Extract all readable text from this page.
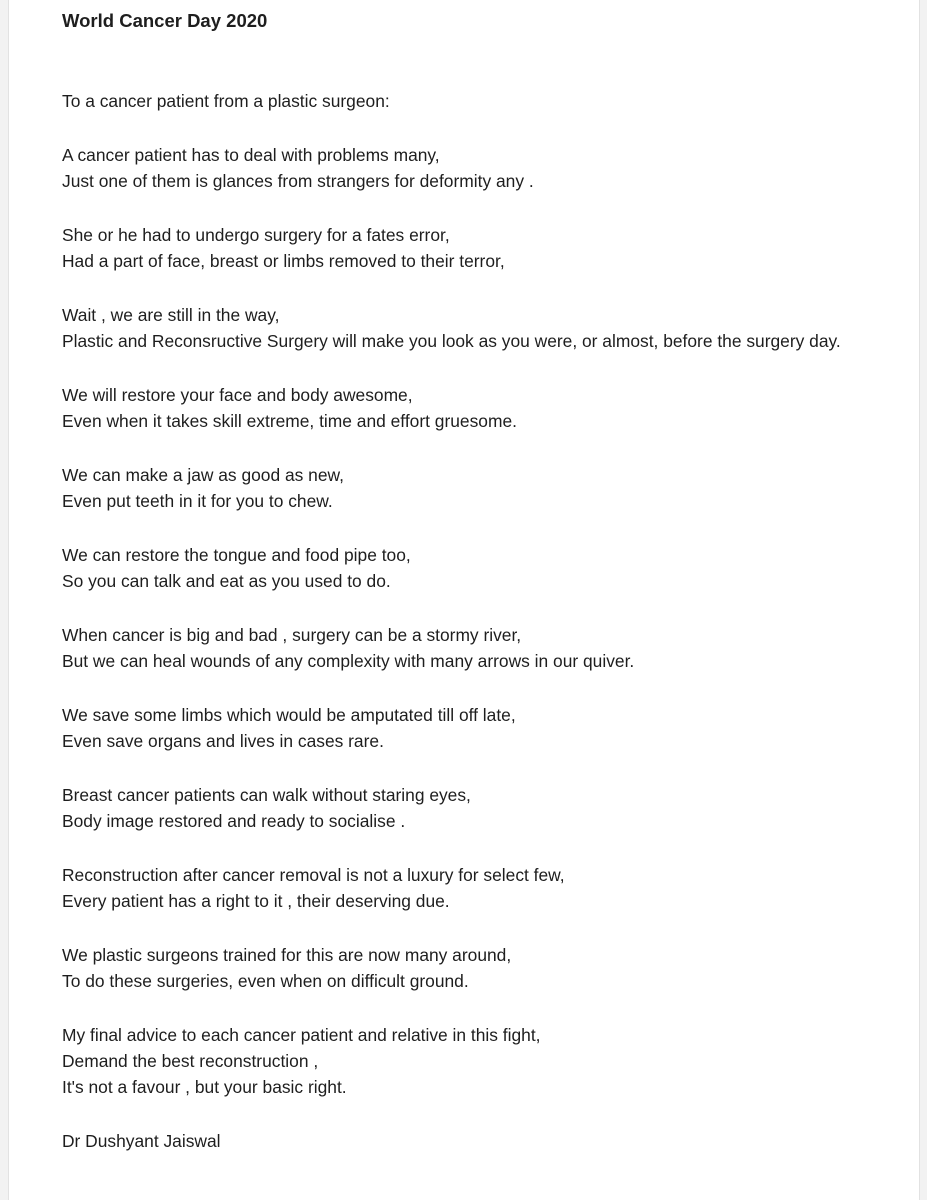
World Cancer Day 2020

To a cancer patient from a plastic surgeon:

A cancer patient has to deal with problems many,
Just one of them is glances from strangers for deformity any .

She or he had to undergo surgery for a fates error,
Had a part of face, breast or limbs removed to their terror,

Wait , we are still in the way,
Plastic and Reconsructive Surgery will make you look as you were, or almost, before the surgery day.

We will restore your face and body awesome,
Even when it takes skill extreme, time and effort gruesome.

We can make a jaw as good as new,
Even put teeth in it for you to chew.

We can restore the tongue and food pipe too,
So you can talk and eat as you used to do.

When cancer is big and bad , surgery can be a stormy river,
But we can heal wounds of any complexity with many arrows in our quiver.

We save some limbs which would be amputated till off late,
Even save organs and lives in cases rare.

Breast cancer patients can walk without staring eyes,
Body image restored and ready to socialise .

Reconstruction after cancer removal is not a luxury for select few,
Every patient has a right to it , their deserving due.

We plastic surgeons trained for this are now many around,
To do these surgeries, even when on difficult ground.

My final advice to each cancer patient and relative in this fight,
Demand the best reconstruction ,
It's not a favour , but your basic right.

Dr Dushyant Jaiswal
